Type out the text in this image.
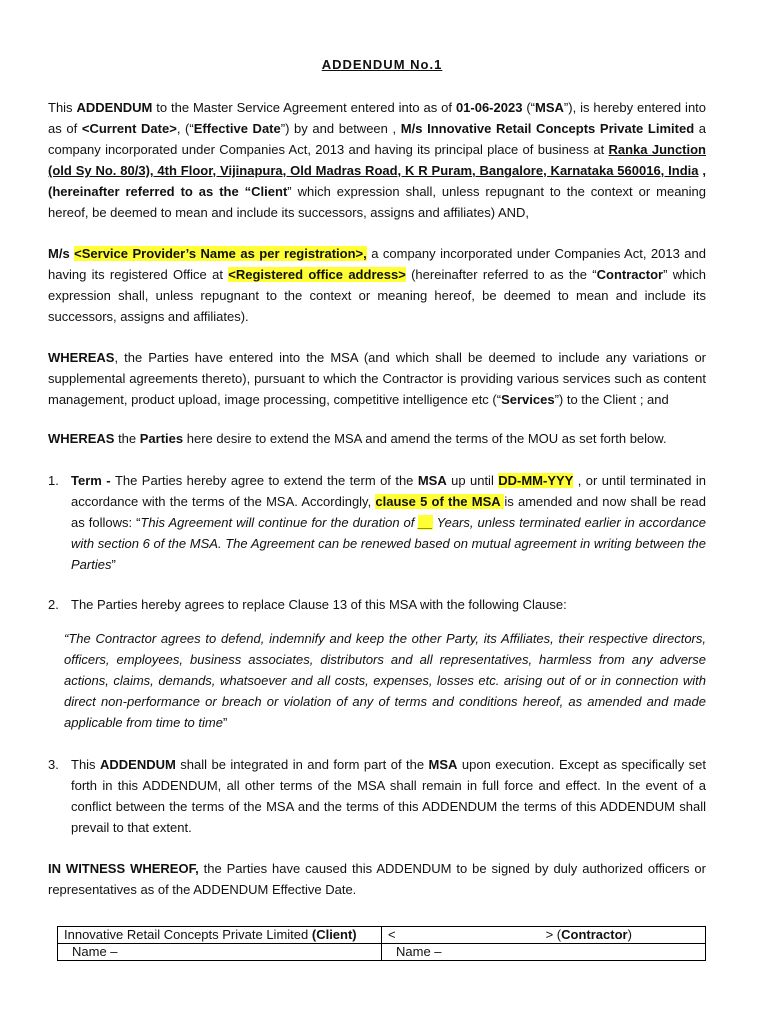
ADDENDUM No.1
This ADDENDUM to the Master Service Agreement entered into as of 01-06-2023 (“MSA”), is hereby entered into as of <Current Date>, (“Effective Date”) by and between , M/s Innovative Retail Concepts Private Limited a company incorporated under Companies Act, 2013 and having its principal place of business at Ranka Junction (old Sy No. 80/3), 4th Floor, Vijinapura, Old Madras Road, K R Puram, Bangalore, Karnataka 560016, India , (hereinafter referred to as the “Client” which expression shall, unless repugnant to the context or meaning hereof, be deemed to mean and include its successors, assigns and affiliates) AND,
M/s <Service Provider’s Name as per registration>, a company incorporated under Companies Act, 2013 and having its registered Office at <Registered office address> (hereinafter referred to as the “Contractor” which expression shall, unless repugnant to the context or meaning hereof, be deemed to mean and include its successors, assigns and affiliates).
WHEREAS, the Parties have entered into the MSA (and which shall be deemed to include any variations or supplemental agreements thereto), pursuant to which the Contractor is providing various services such as content management, product upload, image processing, competitive intelligence etc (“Services”) to the Client ; and
WHEREAS the Parties here desire to extend the MSA and amend the terms of the MOU as set forth below.
1. Term - The Parties hereby agree to extend the term of the MSA up until DD-MM-YYY , or until terminated in accordance with the terms of the MSA. Accordingly, clause 5 of the MSA is amended and now shall be read as follows: “This Agreement will continue for the duration of __ Years, unless terminated earlier in accordance with section 6 of the MSA. The Agreement can be renewed based on mutual agreement in writing between the Parties”
2. The Parties hereby agrees to replace Clause 13 of this MSA with the following Clause:
“The Contractor agrees to defend, indemnify and keep the other Party, its Affiliates, their respective directors, officers, employees, business associates, distributors and all representatives, harmless from any adverse actions, claims, demands, whatsoever and all costs, expenses, losses etc. arising out of or in connection with direct non-performance or breach or violation of any of terms and conditions hereof, as amended and made applicable from time to time”
3. This ADDENDUM shall be integrated in and form part of the MSA upon execution. Except as specifically set forth in this ADDENDUM, all other terms of the MSA shall remain in full force and effect. In the event of a conflict between the terms of the MSA and the terms of this ADDENDUM the terms of this ADDENDUM shall prevail to that extent.
IN WITNESS WHEREOF, the Parties have caused this ADDENDUM to be signed by duly authorized officers or representatives as of the ADDENDUM Effective Date.
Innovative Retail Concepts Private Limited (Client)	< > (Contractor)
Name –	Name –
